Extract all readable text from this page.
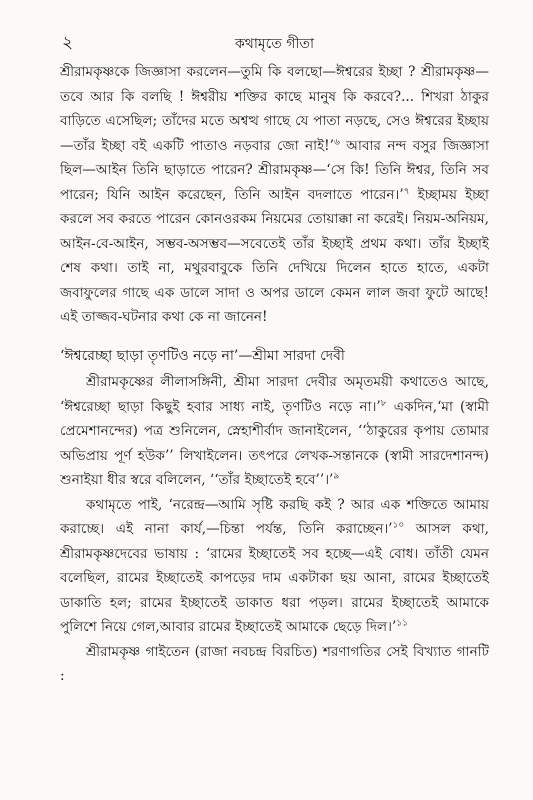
২	কথামৃতে গীতা

শ্রীরামকৃষ্ণকে জিজ্ঞাসা করলেন—তুমি কি বলছো—ঈশ্বরের ইচ্ছা ? শ্রীরামকৃষ্ণ—তবে আর কি বলছি ! ঈশ্বরীয় শক্তির কাছে মানুষ কি করবে?... শিখরা ঠাকুর বাড়িতে এসেছিল; তাঁদের মতে অশ্বত্থ গাছে যে পাতা নড়ছে, সেও ঈশ্বরের ইচ্ছায়—তাঁর ইচ্ছা বই একটি পাতাও নড়বার জো নাই!’$^৬$ আবার নন্দ বসুর জিজ্ঞাসা ছিল—আইন তিনি ছাড়াতে পারেন? শ্রীরামকৃষ্ণ—‘সে কি! তিনি ঈশ্বর, তিনি সব পারেন; যিনি আইন করেছেন, তিনি আইন বদলাতে পারেন।’$^৭$ ইচ্ছাময় ইচ্ছা করলে সব করতে পারেন কোনওরকম নিয়মের তোয়াক্কা না করেই। নিয়ম-অনিয়ম, আইন-বে-আইন, সম্ভব-অসম্ভব—সবেতেই তাঁর ইচ্ছাই প্রথম কথা। তাঁর ইচ্ছাই শেষ কথা। তাই না, মথুরবাবুকে তিনি দেখিয়ে দিলেন হাতে হাতে, একটা জবাফুলের গাছে এক ডালে সাদা ও অপর ডালে কেমন লাল জবা ফুটে আছে! এই তাজ্জব-ঘটনার কথা কে না জানেন!

‘ঈশ্বরেচ্ছা ছাড়া তৃণটিও নড়ে না’—শ্রীমা সারদা দেবী

শ্রীরামকৃষ্ণের লীলাসঙ্গিনী, শ্রীমা সারদা দেবীর অমৃতময়ী কথাতেও আছে, ‘ঈশ্বরেচ্ছা ছাড়া কিছুই হবার সাধ্য নাই, তৃণটিও নড়ে না।’$^৮$ একদিন,‘মা (স্বামী প্রেমেশানন্দের) পত্র শুনিলেন, স্নেহাশীর্বাদ জানাইলেন, ‘‘ঠাকুরের কৃপায় তোমার অভিপ্রায় পূর্ণ হউক’’ লিখাইলেন। তৎপরে লেখক-সন্তানকে (স্বামী সারদেশানন্দ) শুনাইয়া ধীর স্বরে বলিলেন, ‘‘তাঁর ইচ্ছাতেই হবে’’।’$^৯$

কথামৃতে পাই, ‘নরেন্দ্র—আমি সৃষ্টি করছি কই ? আর এক শক্তিতে আমায় করাচ্ছে। এই নানা কার্য,—চিন্তা পর্যন্ত, তিনি করাচ্ছেন।’$^{১০}$ আসল কথা, শ্রীরামকৃষ্ণদেবের ভাষায় : ‘রামের ইচ্ছাতেই সব হচ্ছে—এই বোধ। তাঁতী যেমন বলেছিল, রামের ইচ্ছাতেই কাপড়ের দাম একটাকা ছয় আনা, রামের ইচ্ছাতেই ডাকাতি হল; রামের ইচ্ছাতেই ডাকাত ধরা পড়ল। রামের ইচ্ছাতেই আমাকে পুলিশে নিয়ে গেল,আবার রামের ইচ্ছাতেই আমাকে ছেড়ে দিল।’$^{১১}$

শ্রীরামকৃষ্ণ গাইতেন (রাজা নবচন্দ্র বিরচিত) শরণাগতির সেই বিখ্যাত গানটি :
